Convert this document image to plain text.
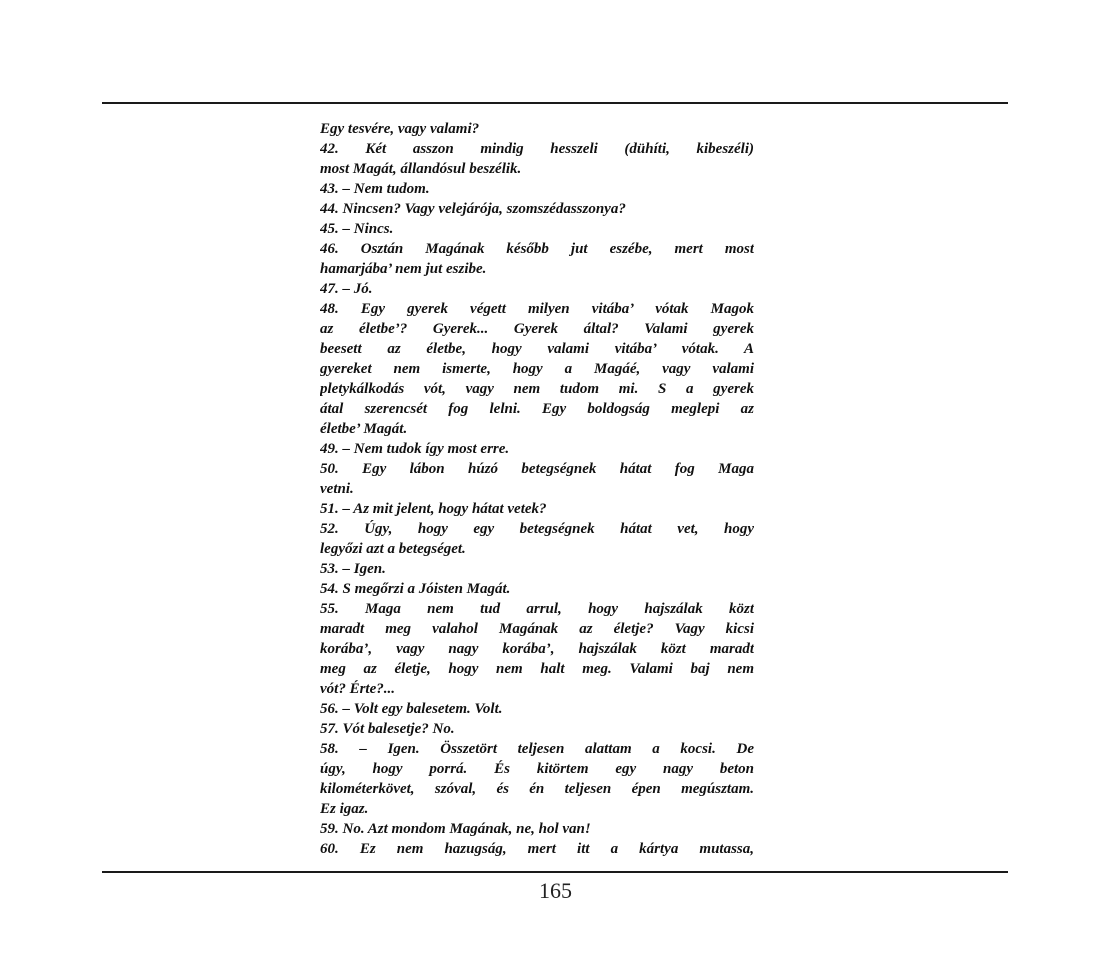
Egy tesvére, vagy valami?
42. Két asszon mindig hesszeli (dühíti, kibeszéli)
most Magát, állandósul beszélik.
43. – Nem tudom.
44. Nincsen? Vagy velejárója, szomszédasszonya?
45. – Nincs.
46. Osztán Magának később jut eszébe, mert most
hamarjába’ nem jut eszibe.
47. – Jó.
48. Egy gyerek végett milyen vitába’ vótak Magok
az életbe’? Gyerek... Gyerek által? Valami gyerek
beesett az életbe, hogy valami vitába’ vótak. A
gyereket nem ismerte, hogy a Magáé, vagy valami
pletykálkodás vót, vagy nem tudom mi. S a gyerek
átal szerencsét fog lelni. Egy boldogság meglepi az
életbe’ Magát.
49. – Nem tudok így most erre.
50. Egy lábon húzó betegségnek hátat fog Maga
vetni.
51. – Az mit jelent, hogy hátat vetek?
52. Úgy, hogy egy betegségnek hátat vet, hogy
legyőzi azt a betegséget.
53. – Igen.
54. S megőrzi a Jóisten Magát.
55. Maga nem tud arrul, hogy hajszálak közt
maradt meg valahol Magának az életje? Vagy kicsi
korába’, vagy nagy korába’, hajszálak közt maradt
meg az életje, hogy nem halt meg. Valami baj nem
vót? Érte?...
56. – Volt egy balesetem. Volt.
57. Vót balesetje? No.
58. – Igen. Összetört teljesen alattam a kocsi. De
úgy, hogy porrá. És kitörtem egy nagy beton
kilométerkövet, szóval, és én teljesen épen megúsztam.
Ez igaz.
59. No. Azt mondom Magának, ne, hol van!
60. Ez nem hazugság, mert itt a kártya mutassa,
165
